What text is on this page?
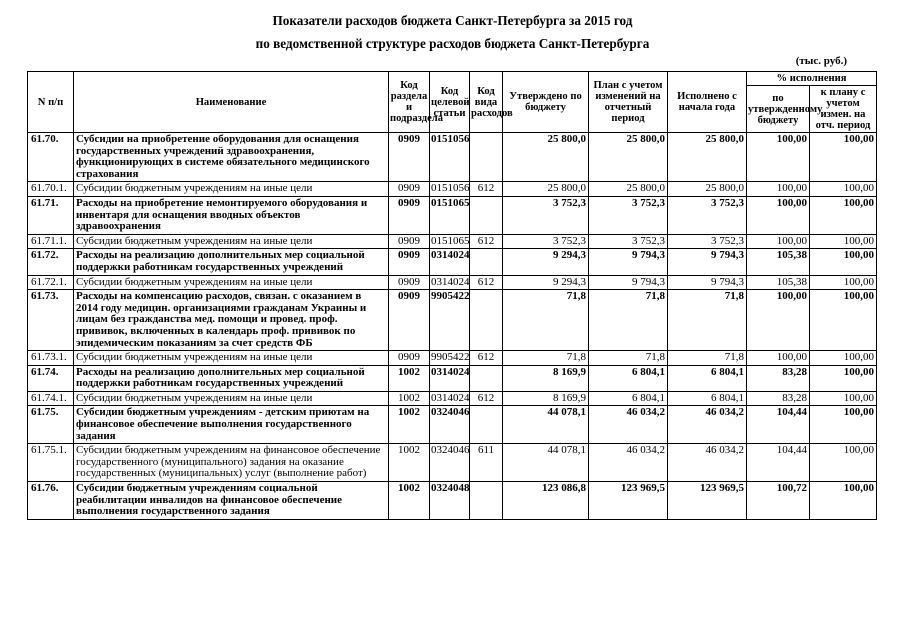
Показатели расходов бюджета Санкт-Петербурга за 2015 год
по ведомственной структуре расходов бюджета Санкт-Петербурга
(тыс. руб.)
N п/п	Наименование	Код раздела и подраздела	Код целевой статьи	Код вида расходов	Утверждено по бюджету	План с учетом изменений на отчетный период	Исполнено с начала года	% исполнения	
								по утвержденному бюджету	к плану с учетом измен. на отч. период
61.70.	Субсидии на приобретение оборудования для оснащения государственных учреждений здравоохранения, функционирующих в системе обязательного медицинского страхования	0909	0151056		25 800,0	25 800,0	25 800,0	100,00	100,00
61.70.1.	Субсидии бюджетным учреждениям на иные цели	0909	0151056	612	25 800,0	25 800,0	25 800,0	100,00	100,00
61.71.	Расходы на приобретение немонтируемого оборудования и инвентаря для оснащения вводных объектов здравоохранения	0909	0151065		3 752,3	3 752,3	3 752,3	100,00	100,00
61.71.1.	Субсидии бюджетным учреждениям на иные цели	0909	0151065	612	3 752,3	3 752,3	3 752,3	100,00	100,00
61.72.	Расходы на реализацию дополнительных мер социальной поддержки работникам государственных учреждений	0909	0314024		9 294,3	9 794,3	9 794,3	105,38	100,00
61.72.1.	Субсидии бюджетным учреждениям на иные цели	0909	0314024	612	9 294,3	9 794,3	9 794,3	105,38	100,00
61.73.	Расходы на компенсацию расходов, связан. с оказанием в 2014 году медицин. организациями гражданам Украины и лицам без гражданства мед. помощи и провед. проф. прививок, включенных в календарь проф. прививок по эпидемическим показаниям за счет средств ФБ	0909	9905422		71,8	71,8	71,8	100,00	100,00
61.73.1.	Субсидии бюджетным учреждениям на иные цели	0909	9905422	612	71,8	71,8	71,8	100,00	100,00
61.74.	Расходы на реализацию дополнительных мер социальной поддержки работникам государственных учреждений	1002	0314024		8 169,9	6 804,1	6 804,1	83,28	100,00
61.74.1.	Субсидии бюджетным учреждениям на иные цели	1002	0314024	612	8 169,9	6 804,1	6 804,1	83,28	100,00
61.75.	Субсидии бюджетным учреждениям - детским приютам на финансовое обеспечение выполнения государственного задания	1002	0324046		44 078,1	46 034,2	46 034,2	104,44	100,00
61.75.1.	Субсидии бюджетным учреждениям на финансовое обеспечение государственного (муниципального) задания на оказание государственных (муниципальных) услуг (выполнение работ)	1002	0324046	611	44 078,1	46 034,2	46 034,2	104,44	100,00
61.76.	Субсидии бюджетным учреждениям социальной реабилитации инвалидов на финансовое обеспечение выполнения государственного задания	1002	0324048		123 086,8	123 969,5	123 969,5	100,72	100,00
